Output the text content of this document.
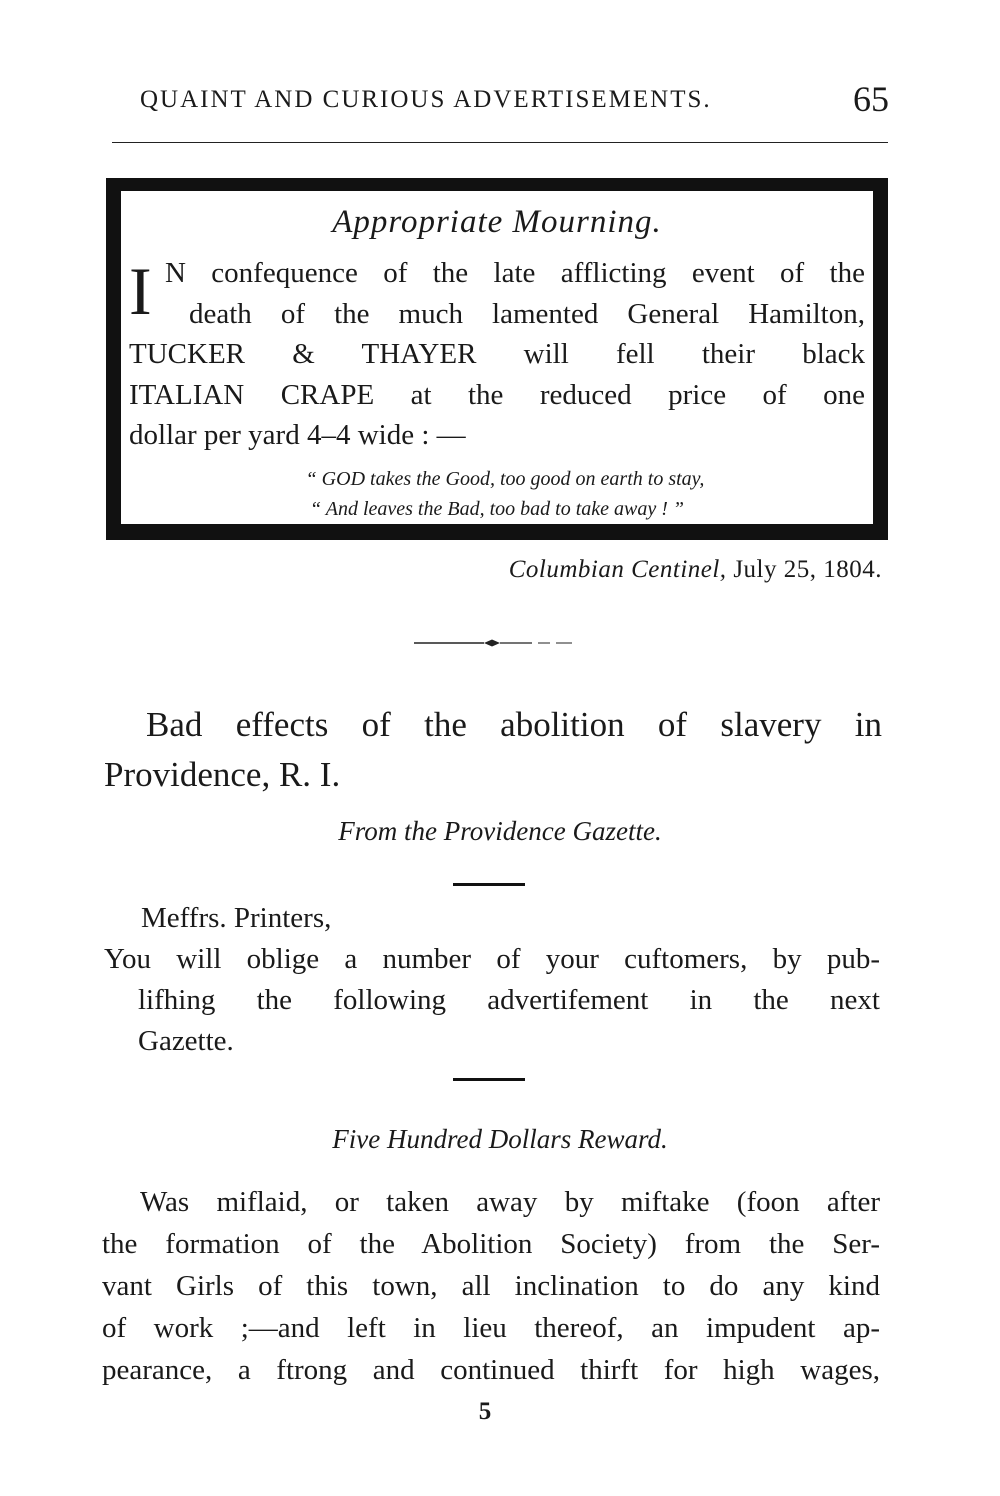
QUAINT AND CURIOUS ADVERTISEMENTS.	65
Appropriate Mourning.
I N confequence of the late afflicting event of the
death of the much lamented General Hamilton,
TUCKER & THAYER will fell their black
ITALIAN CRAPE at the reduced price of one
dollar per yard 4–4 wide : —
“ GOD takes the Good, too good on earth to stay,
“ And leaves the Bad, too bad to take away ! ”
Columbian Centinel, July 25, 1804.
Bad effects of the abolition of slavery in
Providence, R. I.
From the Providence Gazette.
Meffrs. Printers,
You will oblige a number of your cuftomers, by pub-
lifhing the following advertifement in the next
Gazette.
Five Hundred Dollars Reward.
Was miflaid, or taken away by miftake (foon after
the formation of the Abolition Society) from the Ser-
vant Girls of this town, all inclination to do any kind
of work ;—and left in lieu thereof, an impudent ap-
pearance, a ftrong and continued thirft for high wages,
5
